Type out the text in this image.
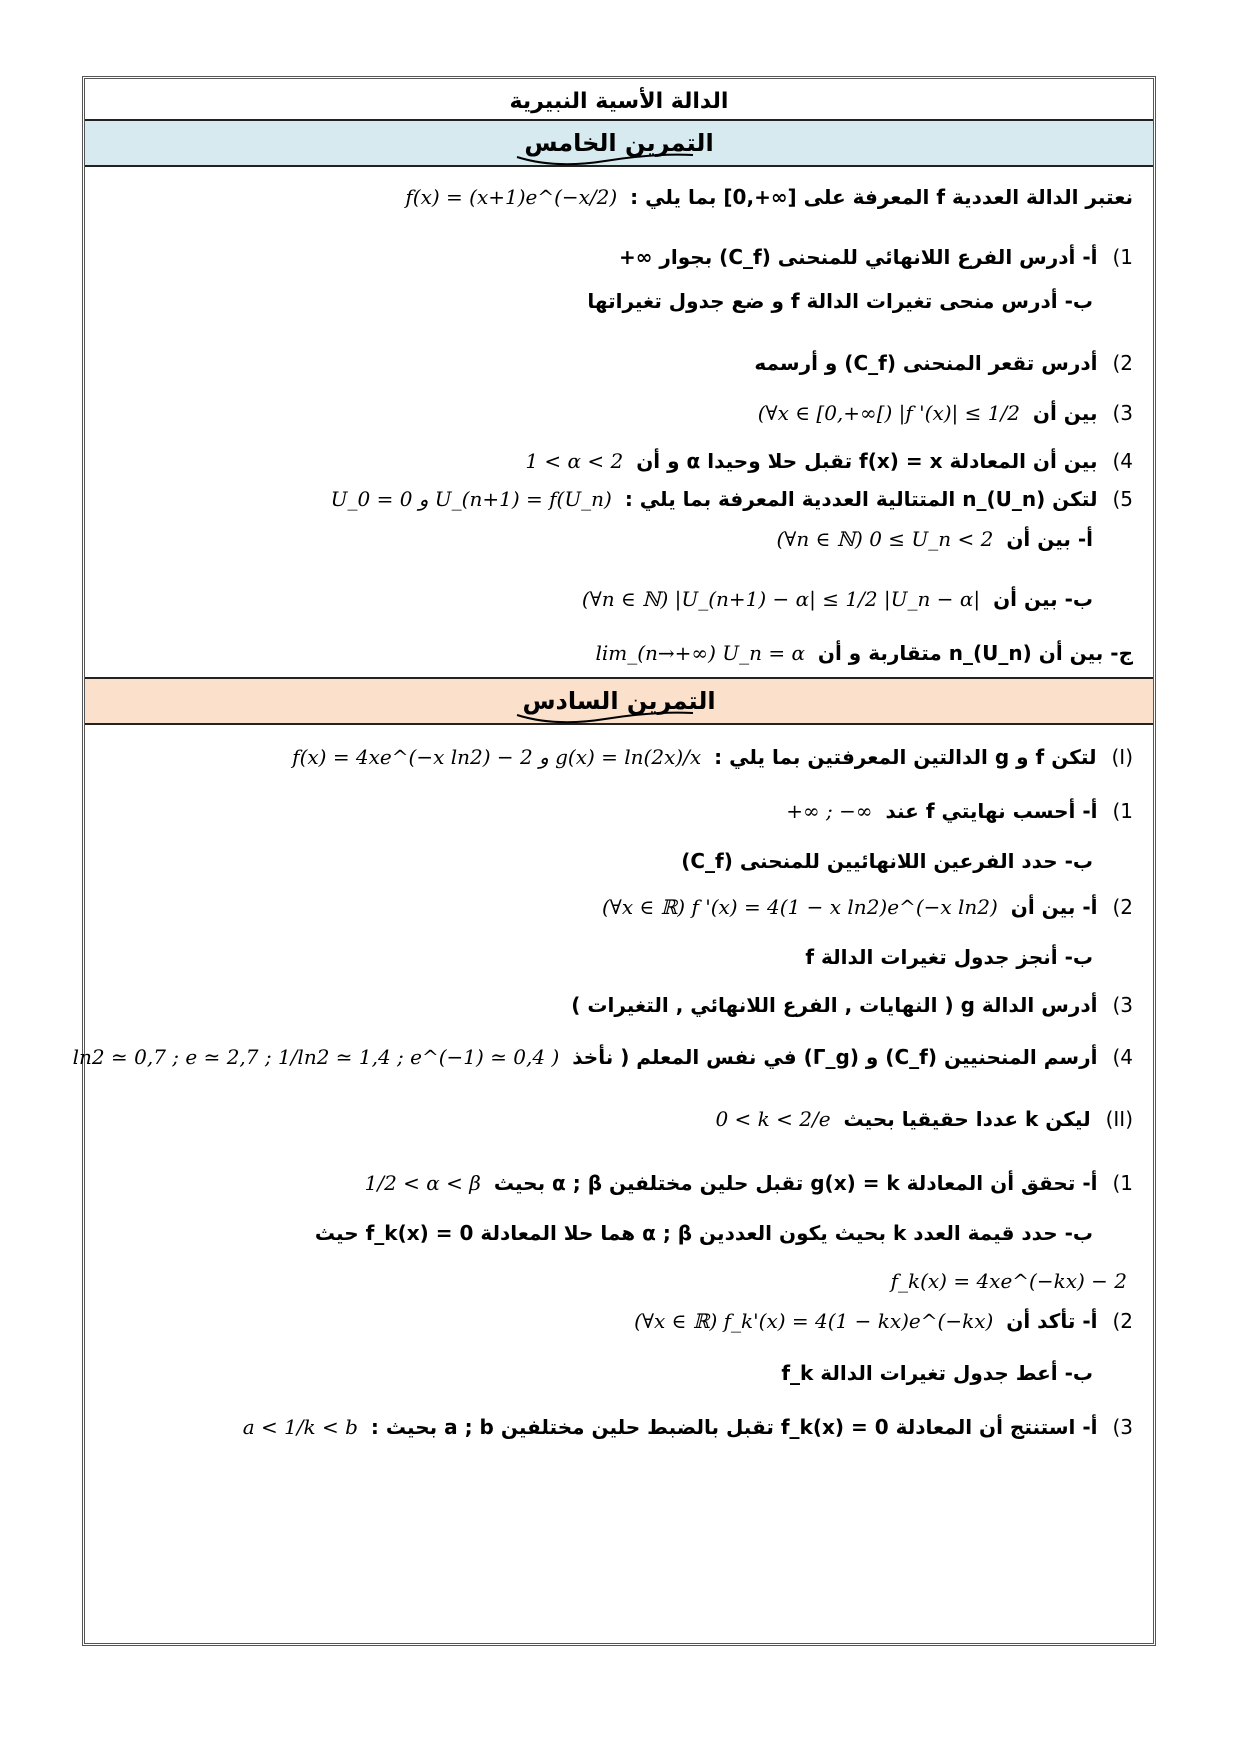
الدالة الأسية النبيرية
التمرين الخامس
نعتبر الدالة العددية f المعرفة على [∞+,0] بما يلي : f(x) = (x+1)e^(−x/2)
1) أ- أدرس الفرع اللانهائي للمنحنى (C_f) بجوار ∞+
ب- أدرس منحى تغيرات الدالة f و ضع جدول تغيراتها
2) أدرس تقعر المنحنى (C_f) و أرسمه
3) بين أن (∀x ∈ [0,+∞[) |f '(x)| ≤ 1/2
4) بين أن المعادلة f(x) = x تقبل حلا وحيدا α و أن 1 < α < 2
5) لتكن (U_n)_n المتتالية العددية المعرفة بما يلي : U_0 = 0 و U_(n+1) = f(U_n)
أ- بين أن (∀n ∈ ℕ) 0 ≤ U_n < 2
ب- بين أن (∀n ∈ ℕ) |U_(n+1) − α| ≤ 1/2 |U_n − α|
ج- بين أن (U_n)_n متقاربة و أن lim_(n→+∞) U_n = α
التمرين السادس
(I) لتكن f و g الدالتين المعرفتين بما يلي : f(x) = 4xe^(−x ln2) − 2 و g(x) = ln(2x)/x
1) أ- أحسب نهايتي f عند +∞ ; −∞
ب- حدد الفرعين اللانهائيين للمنحنى (C_f)
2) أ- بين أن (∀x ∈ ℝ) f '(x) = 4(1 − x ln2)e^(−x ln2)
ب- أنجز جدول تغيرات الدالة f
3) أدرس الدالة g ( النهايات , الفرع اللانهائي , التغيرات )
4) أرسم المنحنيين (C_f) و (Γ_g) في نفس المعلم ( نأخذ ln2 ≃ 0,7 ; e ≃ 2,7 ; 1/ln2 ≃ 1,4 ; e^(−1) ≃ 0,4 )
(II) ليكن k عددا حقيقيا بحيث 0 < k < 2/e
1) أ- تحقق أن المعادلة g(x) = k تقبل حلين مختلفين α ; β بحيث 1/2 < α < β
ب- حدد قيمة العدد k بحيث يكون العددين α ; β هما حلا المعادلة f_k(x) = 0 حيث
f_k(x) = 4xe^(−kx) − 2
2) أ- تأكد أن (∀x ∈ ℝ) f_k'(x) = 4(1 − kx)e^(−kx)
ب- أعط جدول تغيرات الدالة f_k
3) أ- استنتج أن المعادلة f_k(x) = 0 تقبل بالضبط حلين مختلفين a ; b بحيث : a < 1/k < b
